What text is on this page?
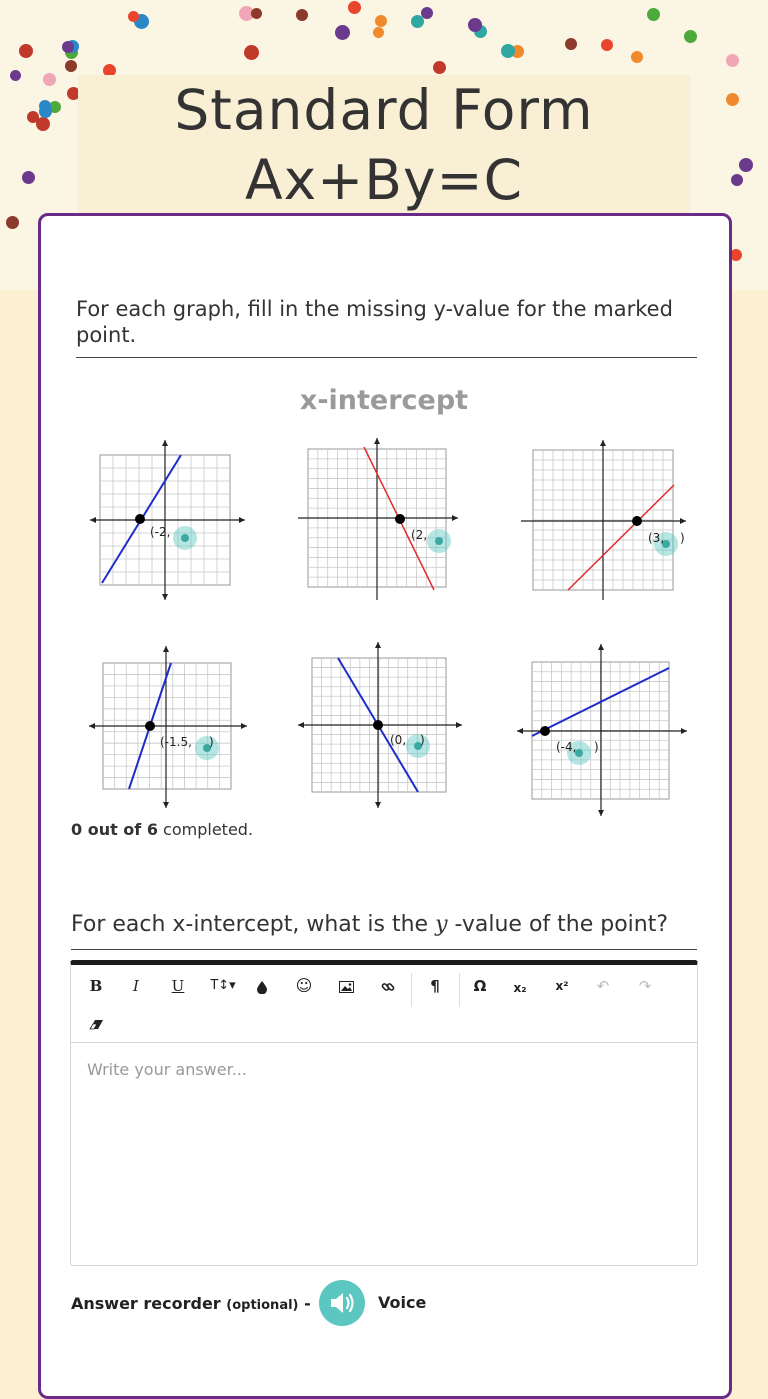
Standard Form
Ax+By=C
For each graph, fill in the missing y-value for the marked point.
x-intercept
(-2,	(2,	(3, )
(-1.5, )	(0, )	(-4, )
0 out of 6 completed.
For each x-intercept, what is the y -value of the point?
B	I	U	T↕▾	☺	¶	Ω	x₂	x²	↶	↷
Write your answer...
Answer recorder (optional) -	Voice
